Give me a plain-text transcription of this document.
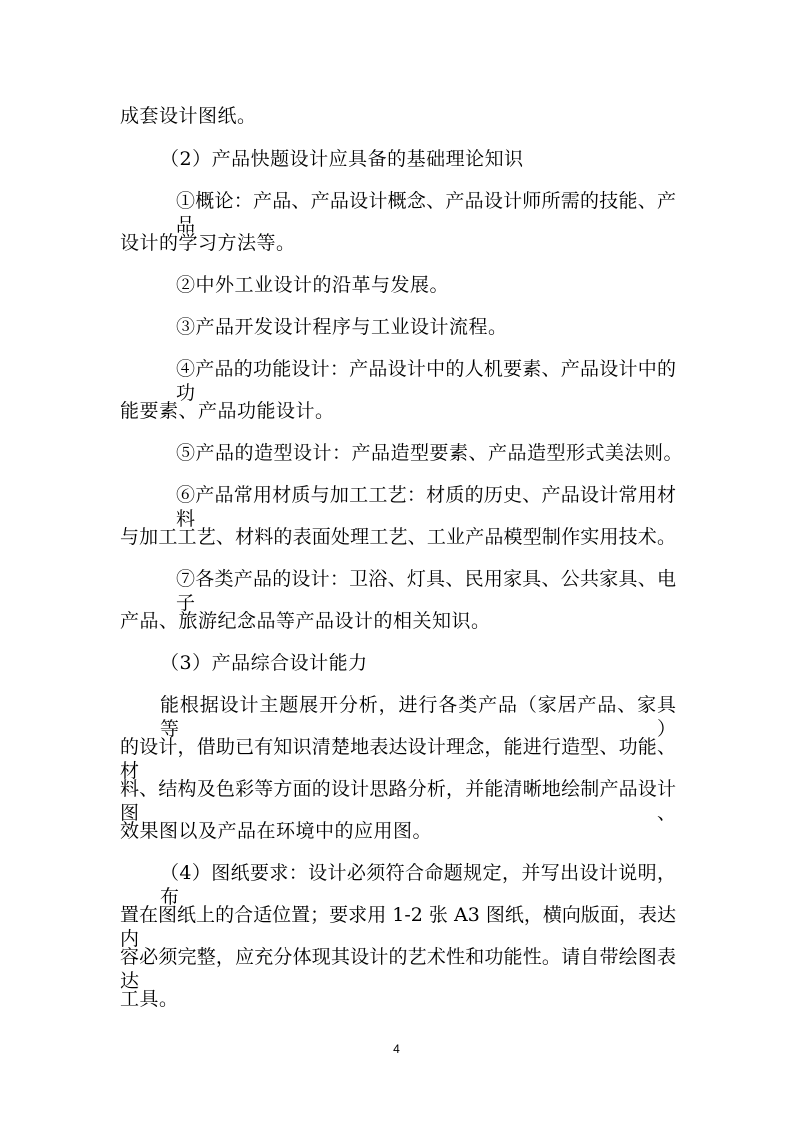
成套设计图纸。
（2）产品快题设计应具备的基础理论知识
①概论：产品、产品设计概念、产品设计师所需的技能、产品
设计的学习方法等。
②中外工业设计的沿革与发展。
③产品开发设计程序与工业设计流程。
④产品的功能设计：产品设计中的人机要素、产品设计中的功
能要素、产品功能设计。
⑤产品的造型设计：产品造型要素、产品造型形式美法则。
⑥产品常用材质与加工工艺：材质的历史、产品设计常用材料
与加工工艺、材料的表面处理工艺、工业产品模型制作实用技术。
⑦各类产品的设计：卫浴、灯具、民用家具、公共家具、电子
产品、旅游纪念品等产品设计的相关知识。
（3）产品综合设计能力
能根据设计主题展开分析，进行各类产品（家居产品、家具等）
的设计，借助已有知识清楚地表达设计理念，能进行造型、功能、材
料、结构及色彩等方面的设计思路分析，并能清晰地绘制产品设计图、
效果图以及产品在环境中的应用图。
（4）图纸要求：设计必须符合命题规定，并写出设计说明，布
置在图纸上的合适位置；要求用 1-2 张 A3 图纸，横向版面，表达内
容必须完整，应充分体现其设计的艺术性和功能性。请自带绘图表达
工具。
4
